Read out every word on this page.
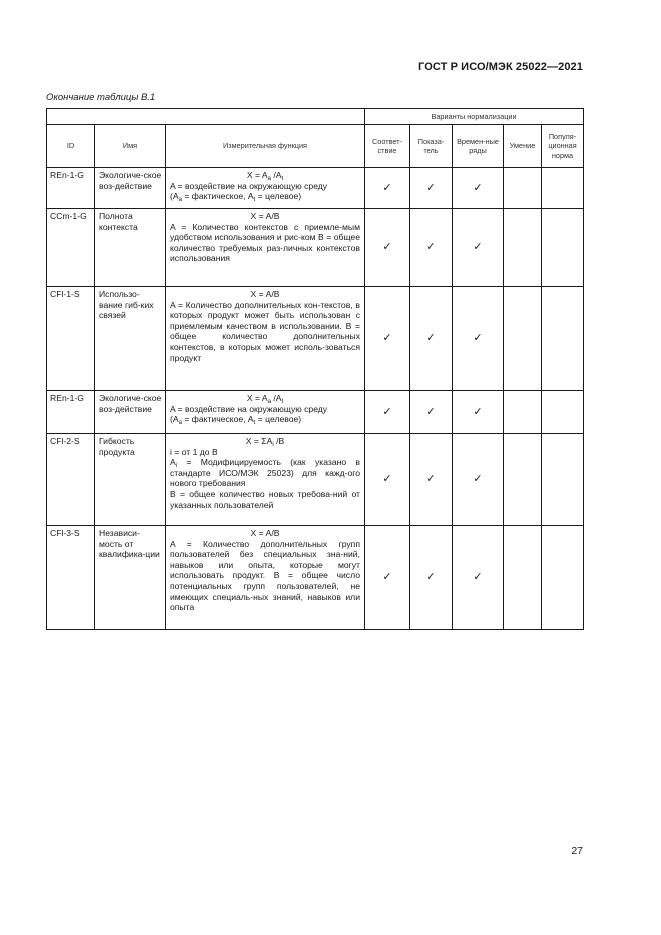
ГОСТ Р ИСО/МЭК 25022—2021
Окончание таблицы В.1
			Варианты нормализации				
ID	Имя	Измерительная функция	Соответ-ствие	Показа-тель	Времен-ные ряды	Умение	Популя-ционная норма
REn-1-G	Экологиче-ское воз-действие	$X = A_a$ $/A_t$
A = воздействие на окружающую среду
($A_a$ = фактическое, $A_t$ = целевое)	✓	✓	✓		
CCm-1-G	Полнота контекста	X = A/B
A = Количество контекстов с приемле-мым удобством использования и рис-ком B = общее количество требуемых раз-личных контекстов использования	✓	✓	✓		
CFl-1-S	Использо-вание гиб-ких связей	X = A/B
A = Количество дополнительных кон-текстов, в которых продукт может быть использован с приемлемым качеством в использовании. B = общее количество дополнительных контекстов, в которых может исполь-зоваться продукт	✓	✓	✓		
REn-1-G	Экологиче-ское воз-действие	$X = A_a$ $/A_t$
A = воздействие на окружающую среду
($A_a$ = фактическое, $A_t$ = целевое)	✓	✓	✓		
CFl-2-S	Гибкость продукта	$X = \Sigma A_i$ /B
i = от 1 до B
$A_i$ = Модифицируемость (как указано в стандарте ИСО/МЭК 25023) для кажд-ого нового требования
B = общее количество новых требова-ний от указанных пользователей	✓	✓	✓		
CFl-3-S	Независи-мость от квалифика-ции	X = A/B
A = Количество дополнительных групп пользователей без специальных зна-ний, навыков или опыта, которые могут использовать продукт. B = общее число потенциальных групп пользователей, не имеющих специаль-ных знаний, навыков или опыта	✓	✓	✓		
27
